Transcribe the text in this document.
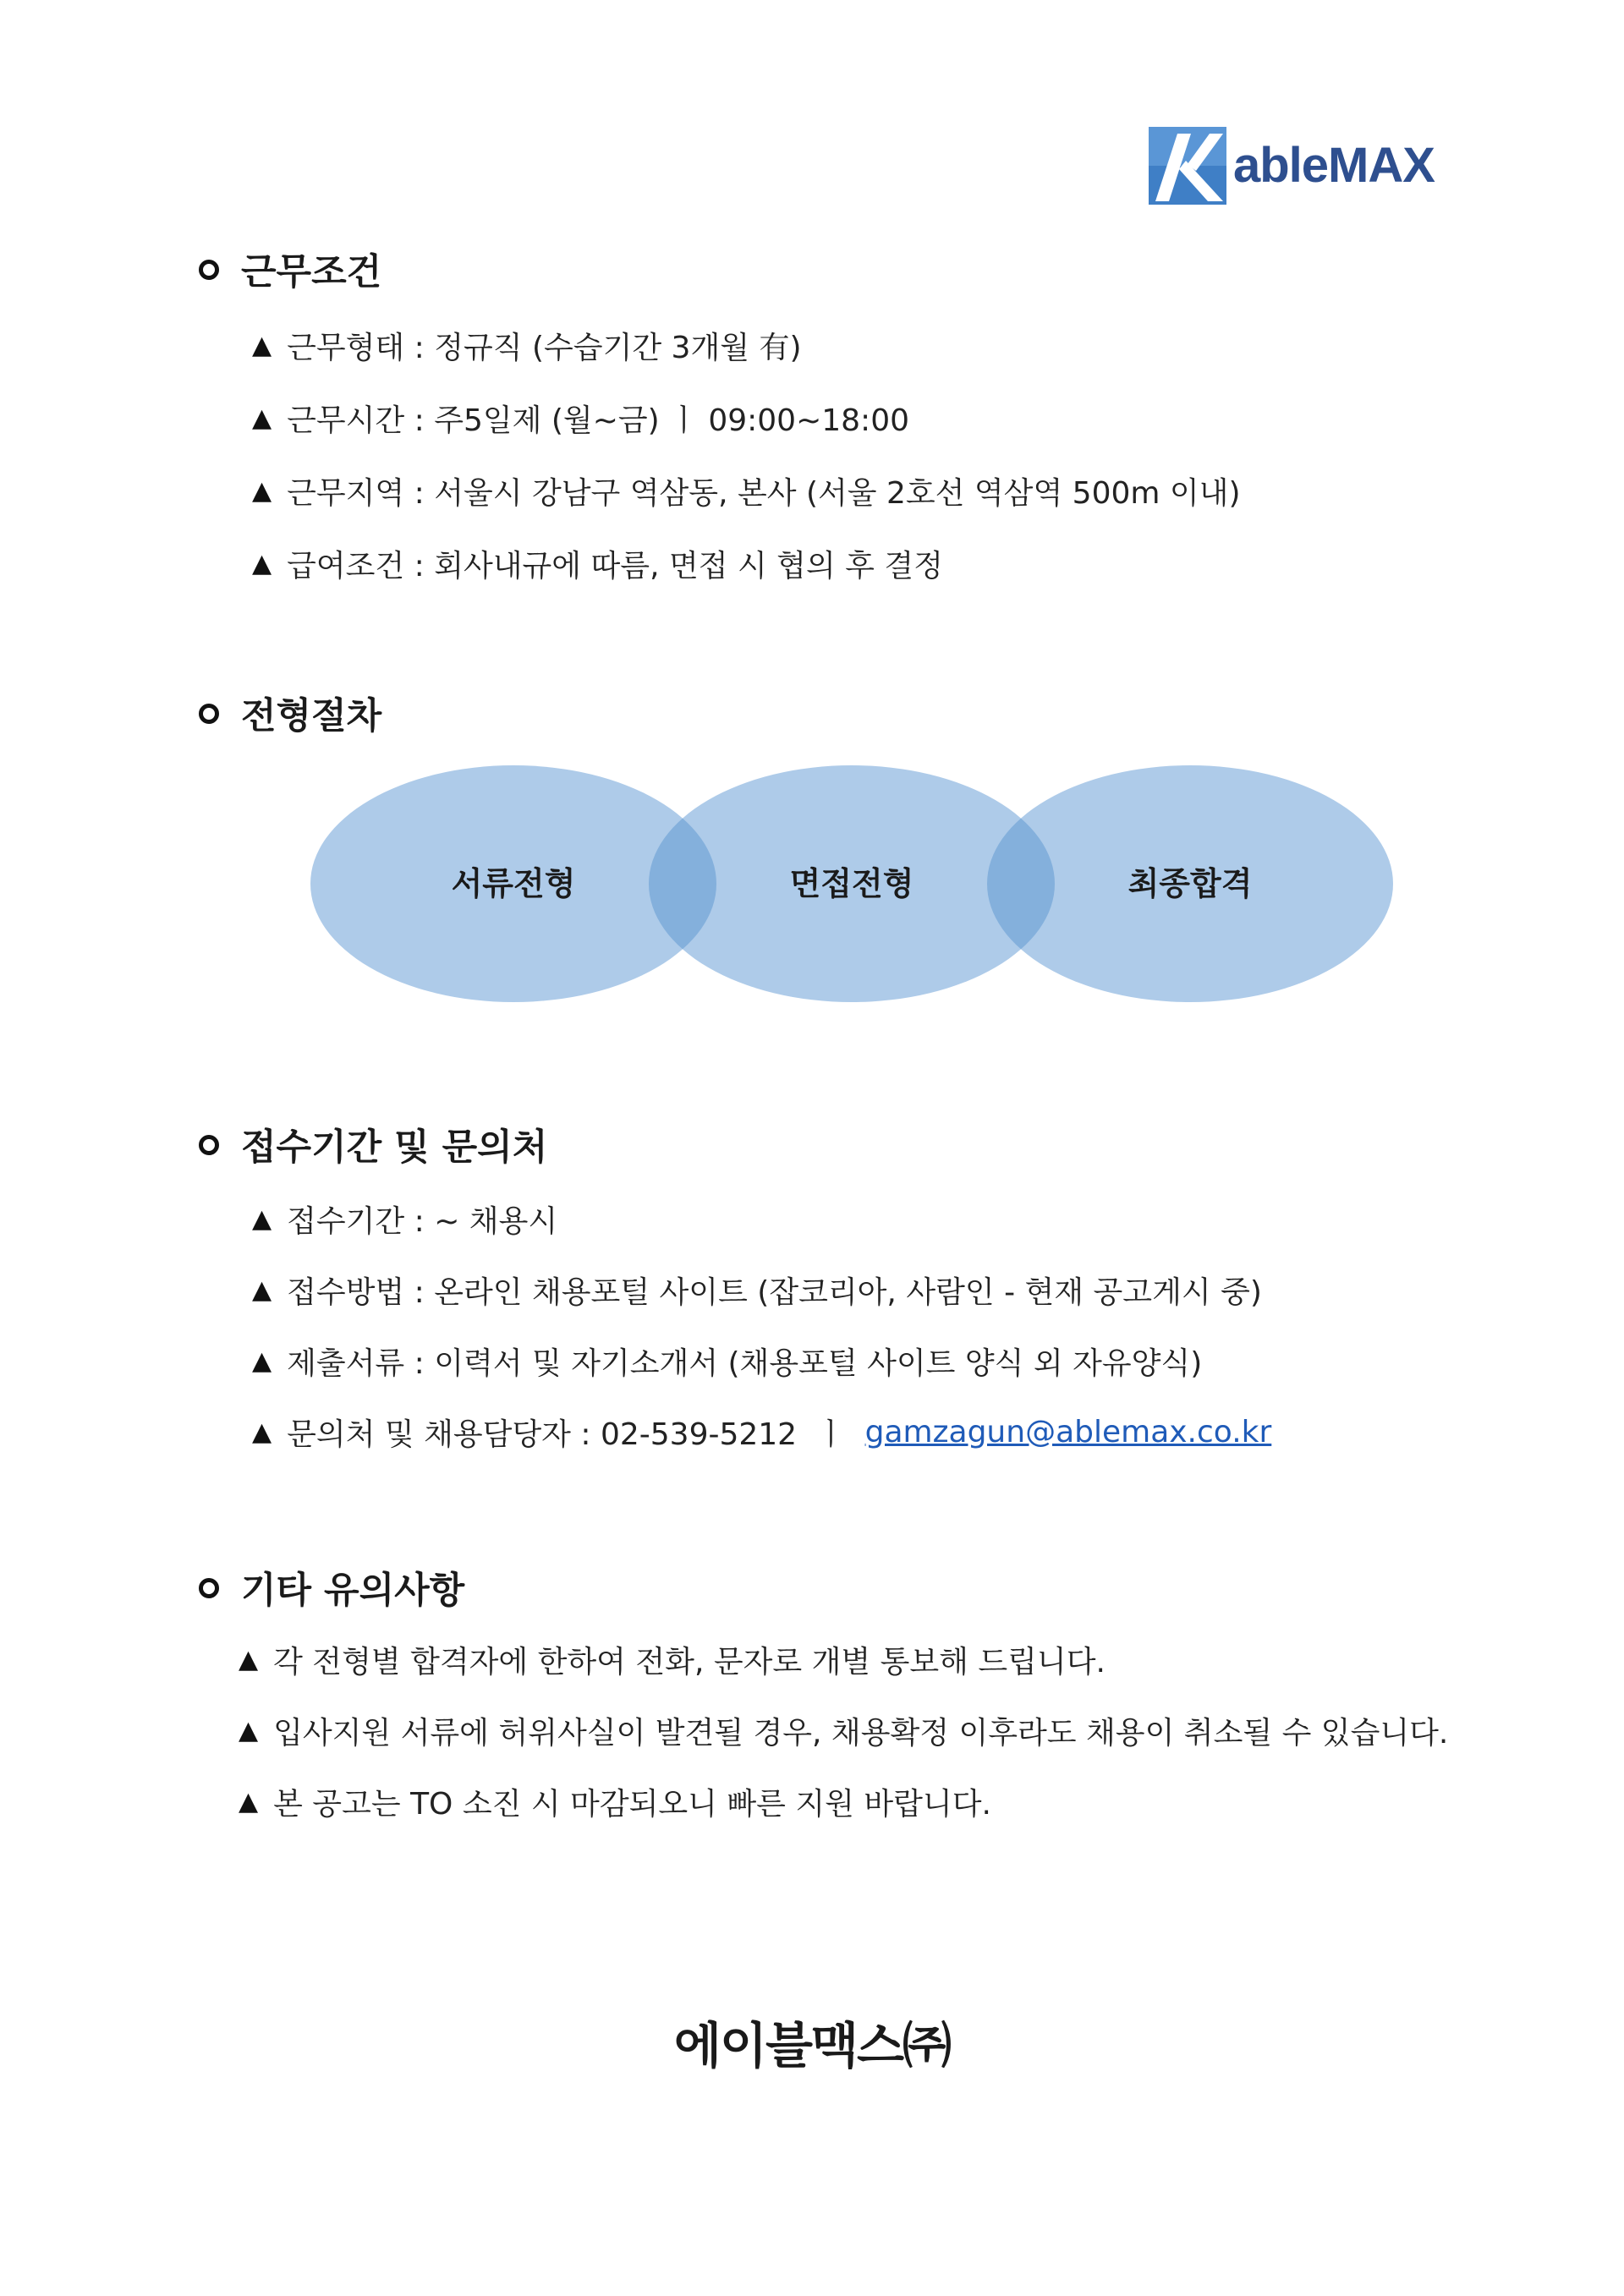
ableMAX
근무조건
▲ 근무형태 : 정규직 (수습기간 3개월 有)
▲ 근무시간 : 주5일제 (월~금) ㅣ 09:00~18:00
▲ 근무지역 : 서울시 강남구 역삼동, 본사 (서울 2호선 역삼역 500m 이내)
▲ 급여조건 : 회사내규에 따름, 면접 시 협의 후 결정
전형절차
서류전형	면접전형	최종합격
접수기간 및 문의처
▲ 접수기간 : ~ 채용시
▲ 접수방법 : 온라인 채용포털 사이트 (잡코리아, 사람인 - 현재 공고게시 중)
▲ 제출서류 : 이력서 및 자기소개서 (채용포털 사이트 양식 외 자유양식)
▲ 문의처 및 채용담당자 : 02-539-5212  ㅣ gamzagun@ablemax.co.kr
기타 유의사항
▲ 각 전형별 합격자에 한하여 전화, 문자로 개별 통보해 드립니다.
▲ 입사지원 서류에 허위사실이 발견될 경우, 채용확정 이후라도 채용이 취소될 수 있습니다.
▲ 본 공고는 TO 소진 시 마감되오니 빠른 지원 바랍니다.
에이블맥스㈜
